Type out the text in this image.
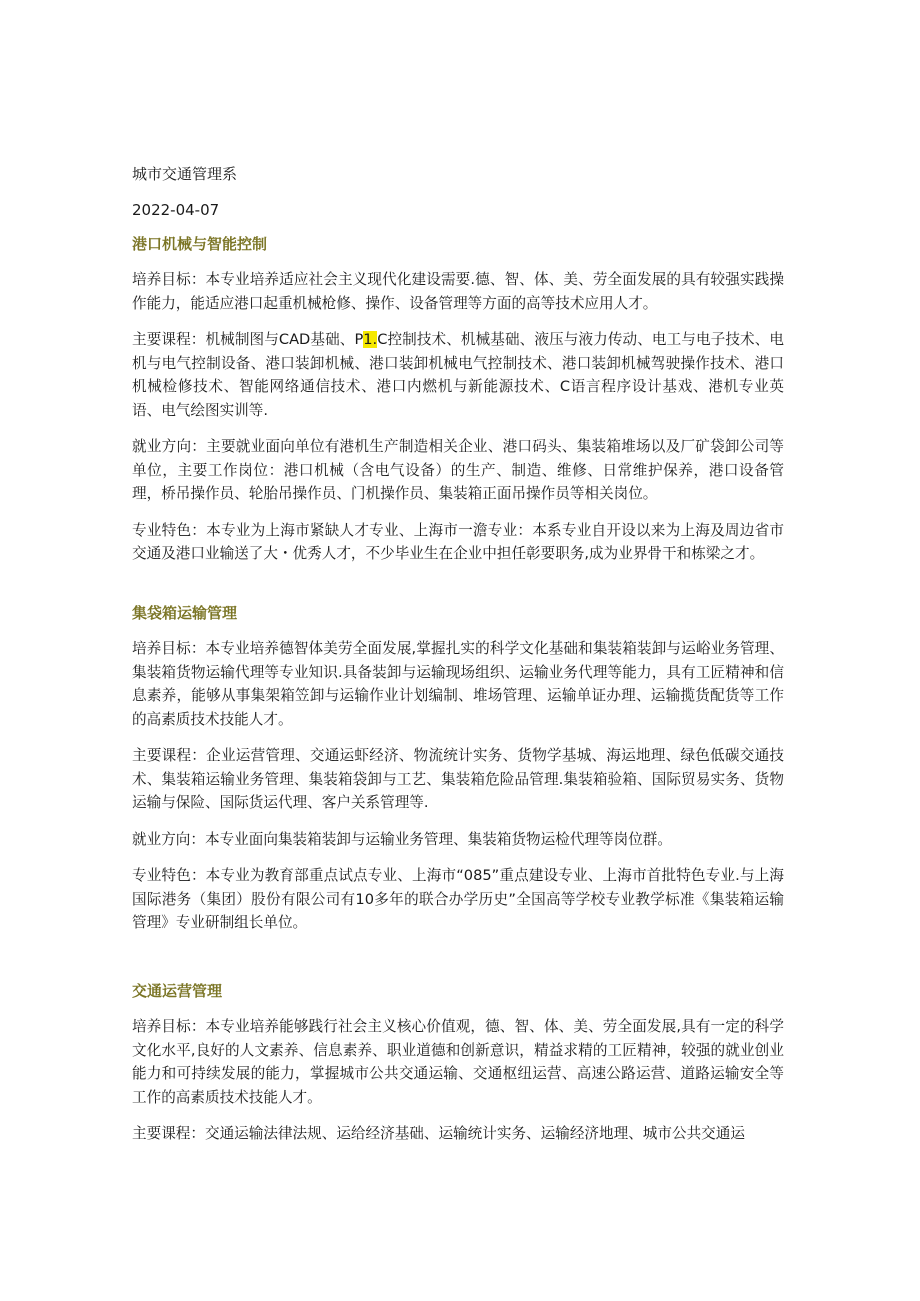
城市交通管理系
2022-04-07
港口机械与智能控制

培养目标：本专业培养适应社会主义现代化建设需要.德、智、体、美、劳全面发展的具有较强实践操作能力，能适应港口起重机械枪修、操作、设备管理等方面的高等技术应用人才。

主要课程：机械制图与CAD基础、P1.C控制技术、机械基础、液压与液力传动、电工与电子技术、电机与电气控制设备、港口装卸机械、港口装卸机械电气控制技术、港口装卸机械驾驶操作技术、港口机械检修技术、智能网络通信技术、港口内燃机与新能源技术、C语言程序设计基戏、港机专业英语、电气绘图实训等.

就业方向：主要就业面向单位有港机生产制造相关企业、港口码头、集装箱堆场以及厂矿袋卸公司等单位，主要工作岗位：港口机械（含电气设备）的生产、制造、维修、日常维护保养，港口设备管理，桥吊操作员、轮胎吊操作员、门机操作员、集装箱正面吊操作员等相关岗位。

专业特色：本专业为上海市紧缺人才专业、上海市一澹专业：本系专业自开设以来为上海及周边省市交通及港口业输送了大・优秀人才，不少毕业生在企业中担任彰要职务,成为业界骨干和栋梁之才。

集袋箱运输管理

培养目标：本专业培养德智体美劳全面发展,掌握扎实的科学文化基础和集装箱装卸与运峪业务管理、集装箱货物运输代理等专业知识.具备装卸与运输现场组织、运输业务代理等能力，具有工匠精神和信息素养，能够从事集架箱笠卸与运输作业计划编制、堆场管理、运输单证办理、运输揽货配货等工作的高素质技术技能人才。

主要课程：企业运营管理、交通运虾经济、物流统计实务、货物学基城、海运地理、绿色低碳交通技术、集装箱运输业务管理、集装箱袋卸与工艺、集装箱危险品管理.集装箱验箱、国际贸易实务、货物运输与保险、国际货运代理、客户关系管理等.

就业方向：本专业面向集装箱装卸与运输业务管理、集装箱货物运检代理等岗位群。

专业特色：本专业为教育部重点试点专业、上海市“085”重点建设专业、上海市首批特色专业.与上海国际港务（集团）股份有限公司有10多年的联合办学历史”全国高等学校专业教学标准《集装箱运输管理》专业研制组长单位。

交通运营管理

培养目标：本专业培养能够践行社会主义核心价值观，德、智、体、美、劳全面发展,具有一定的科学文化水平,良好的人文素养、信息素养、职业道德和创新意识，精益求精的工匠精神，较强的就业创业能力和可持续发展的能力，掌握城市公共交通运输、交通枢纽运营、高速公路运营、道路运输安全等工作的高素质技术技能人才。

主要课程：交通运输法律法规、运给经济基础、运输统计实务、运输经济地理、城市公共交通运
